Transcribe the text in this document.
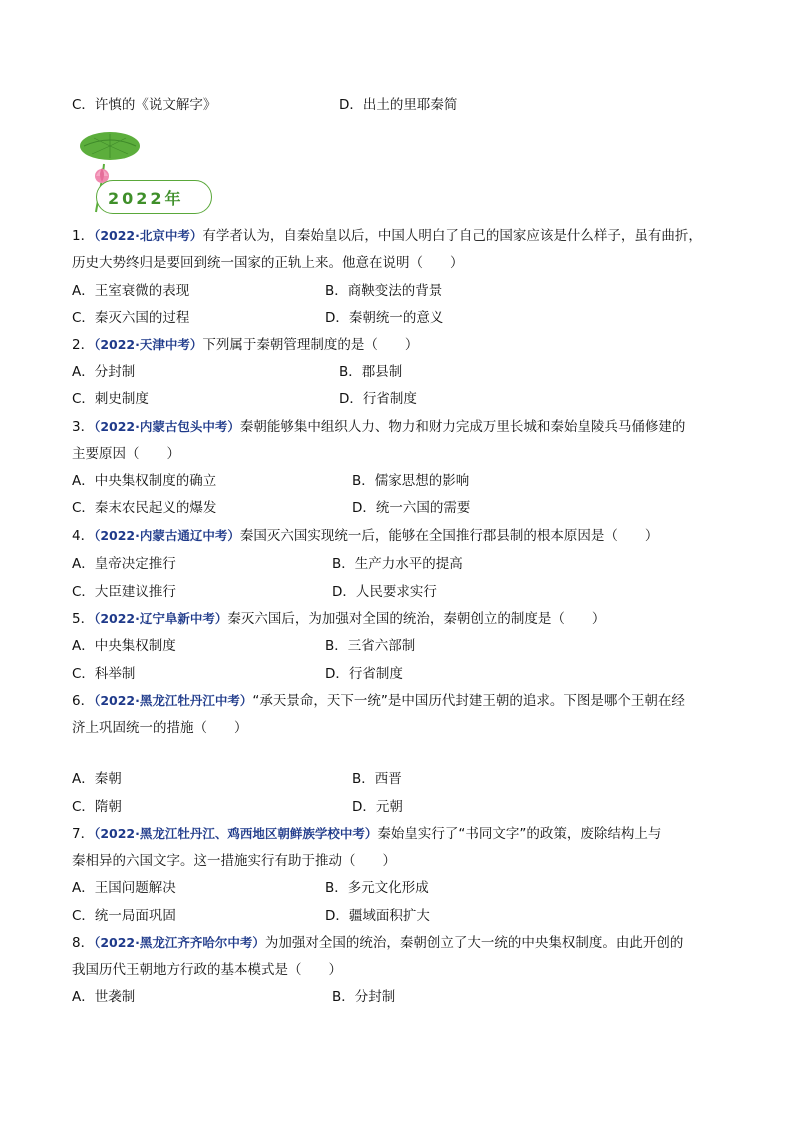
C．许慎的《说文解字》	D．出土的里耶秦简
2022年
1．（2022·北京中考）有学者认为，自秦始皇以后，中国人明白了自己的国家应该是什么样子，虽有曲折，
历史大势终归是要回到统一国家的正轨上来。他意在说明（　　）
A．王室衰微的表现	B．商鞅变法的背景
C．秦灭六国的过程	D．秦朝统一的意义
2．（2022·天津中考）下列属于秦朝管理制度的是（　　）
A．分封制	B．郡县制
C．刺史制度	D．行省制度
3．（2022·内蒙古包头中考）秦朝能够集中组织人力、物力和财力完成万里长城和秦始皇陵兵马俑修建的
主要原因（　　）
A．中央集权制度的确立	B．儒家思想的影响
C．秦末农民起义的爆发	D．统一六国的需要
4．（2022·内蒙古通辽中考）秦国灭六国实现统一后，能够在全国推行郡县制的根本原因是（　　）
A．皇帝决定推行	B．生产力水平的提高
C．大臣建议推行	D．人民要求实行
5．（2022·辽宁阜新中考）秦灭六国后，为加强对全国的统治，秦朝创立的制度是（　　）
A．中央集权制度	B．三省六部制
C．科举制	D．行省制度
6．（2022·黑龙江牡丹江中考）“承天景命，天下一统”是中国历代封建王朝的追求。下图是哪个王朝在经
济上巩固统一的措施（　　）
A．秦朝	B．西晋
C．隋朝	D．元朝
7．（2022·黑龙江牡丹江、鸡西地区朝鲜族学校中考）秦始皇实行了“书同文字”的政策，废除结构上与
秦相异的六国文字。这一措施实行有助于推动（　　）
A．王国问题解决	B．多元文化形成
C．统一局面巩固	D．疆域面积扩大
8．（2022·黑龙江齐齐哈尔中考）为加强对全国的统治，秦朝创立了大一统的中央集权制度。由此开创的
我国历代王朝地方行政的基本模式是（　　）
A．世袭制	B．分封制
